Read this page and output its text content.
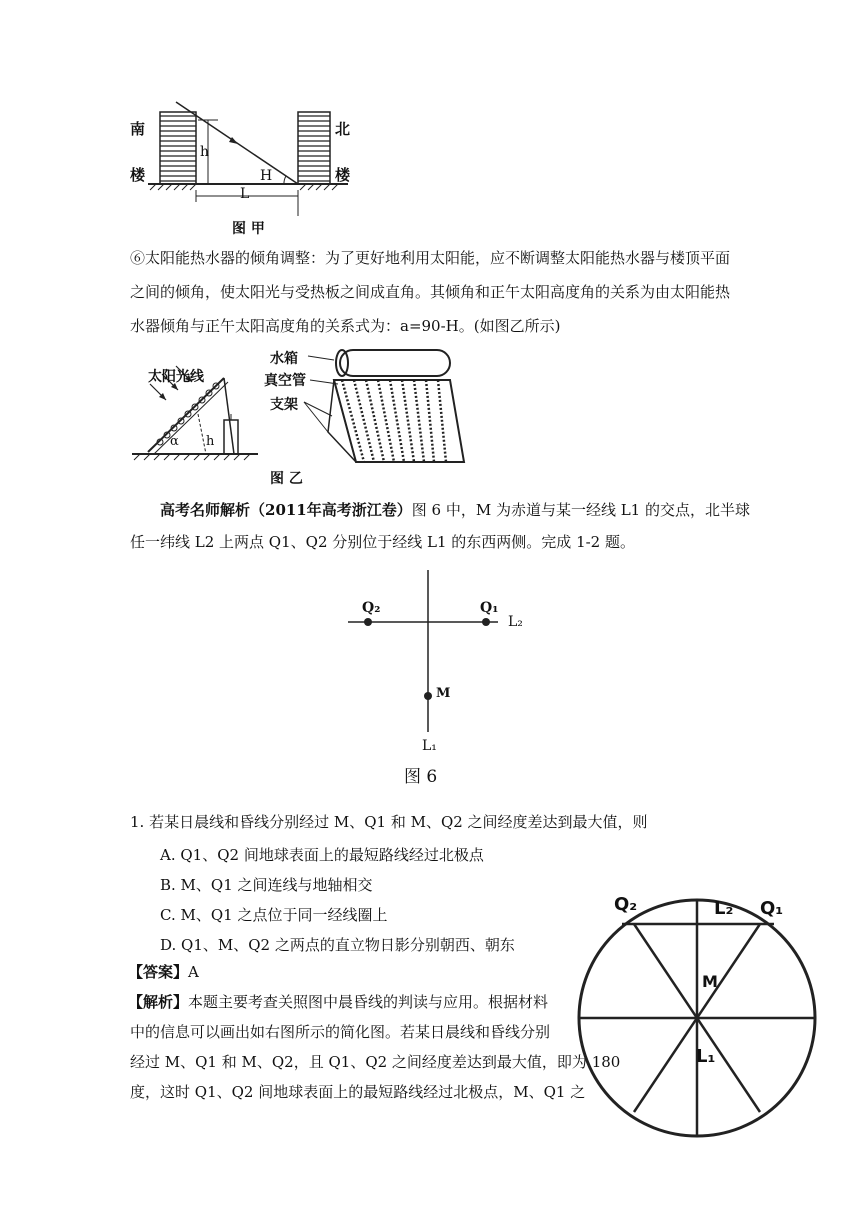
南
楼
北
楼
h
H
L
图 甲
⑥太阳能热水器的倾角调整：为了更好地利用太阳能，应不断调整太阳能热水器与楼顶平面
之间的倾角，使太阳光与受热板之间成直角。其倾角和正午太阳高度角的关系为由太阳能热
水器倾角与正午太阳高度角的关系式为：a=90-H。(如图乙所示)
太阳光线
α h
水箱
真空管
支架
图 乙
高考名师解析（2011年高考浙江卷）图 6 中，M 为赤道与某一经线 L1 的交点，北半球
任一纬线 L2 上两点 Q1、Q2 分别位于经线 L1 的东西两侧。完成 1-2 题。
Q₂	Q₁
L₂
M
L₁
图 6
1. 若某日晨线和昏线分别经过 M、Q1 和 M、Q2 之间经度差达到最大值，则
A. Q1、Q2 间地球表面上的最短路线经过北极点
B. M、Q1 之间连线与地轴相交
C. M、Q1 之点位于同一经线圈上
D. Q1、M、Q2 之两点的直立物日影分别朝西、朝东
【答案】A
【解析】本题主要考查关照图中晨昏线的判读与应用。根据材料
中的信息可以画出如右图所示的简化图。若某日晨线和昏线分别
经过 M、Q1 和 M、Q2，且 Q1、Q2 之间经度差达到最大值，即为 180
度，这时 Q1、Q2 间地球表面上的最短路线经过北极点，M、Q1 之
Q₂	L₂ Q₁
M
L₁
